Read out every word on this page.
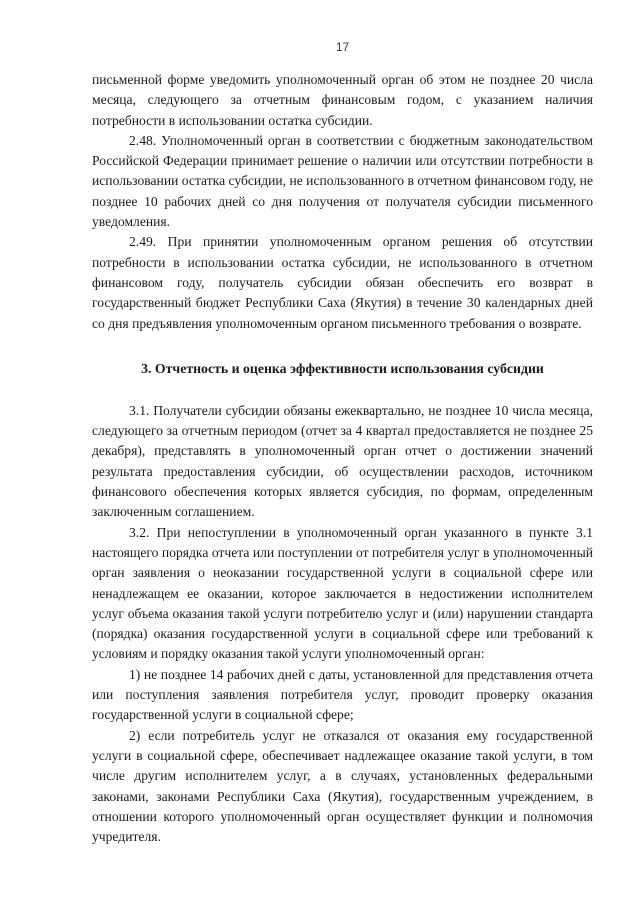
17

письменной форме уведомить уполномоченный орган об этом не позднее 20 числа месяца, следующего за отчетным финансовым годом, с указанием наличия потребности в использовании остатка субсидии.

2.48. Уполномоченный орган в соответствии с бюджетным законодательством Российской Федерации принимает решение о наличии или отсутствии потребности в использовании остатка субсидии, не использованного в отчетном финансовом году, не позднее 10 рабочих дней со дня получения от получателя субсидии письменного уведомления.

2.49. При принятии уполномоченным органом решения об отсутствии потребности в использовании остатка субсидии, не использованного в отчетном финансовом году, получатель субсидии обязан обеспечить его возврат в государственный бюджет Республики Саха (Якутия) в течение 30 календарных дней со дня предъявления уполномоченным органом письменного требования о возврате.

3. Отчетность и оценка эффективности использования субсидии

3.1. Получатели субсидии обязаны ежеквартально, не позднее 10 числа месяца, следующего за отчетным периодом (отчет за 4 квартал предоставляется не позднее 25 декабря), представлять в уполномоченный орган отчет о достижении значений результата предоставления субсидии, об осуществлении расходов, источником финансового обеспечения которых является субсидия, по формам, определенным заключенным соглашением.

3.2. При непоступлении в уполномоченный орган указанного в пункте 3.1 настоящего порядка отчета или поступлении от потребителя услуг в уполномоченный орган заявления о неоказании государственной услуги в социальной сфере или ненадлежащем ее оказании, которое заключается в недостижении исполнителем услуг объема оказания такой услуги потребителю услуг и (или) нарушении стандарта (порядка) оказания государственной услуги в социальной сфере или требований к условиям и порядку оказания такой услуги уполномоченный орган:

1) не позднее 14 рабочих дней с даты, установленной для представления отчета или поступления заявления потребителя услуг, проводит проверку оказания государственной услуги в социальной сфере;

2) если потребитель услуг не отказался от оказания ему государственной услуги в социальной сфере, обеспечивает надлежащее оказание такой услуги, в том числе другим исполнителем услуг, а в случаях, установленных федеральными законами, законами Республики Саха (Якутия), государственным учреждением, в отношении которого уполномоченный орган осуществляет функции и полномочия учредителя.
